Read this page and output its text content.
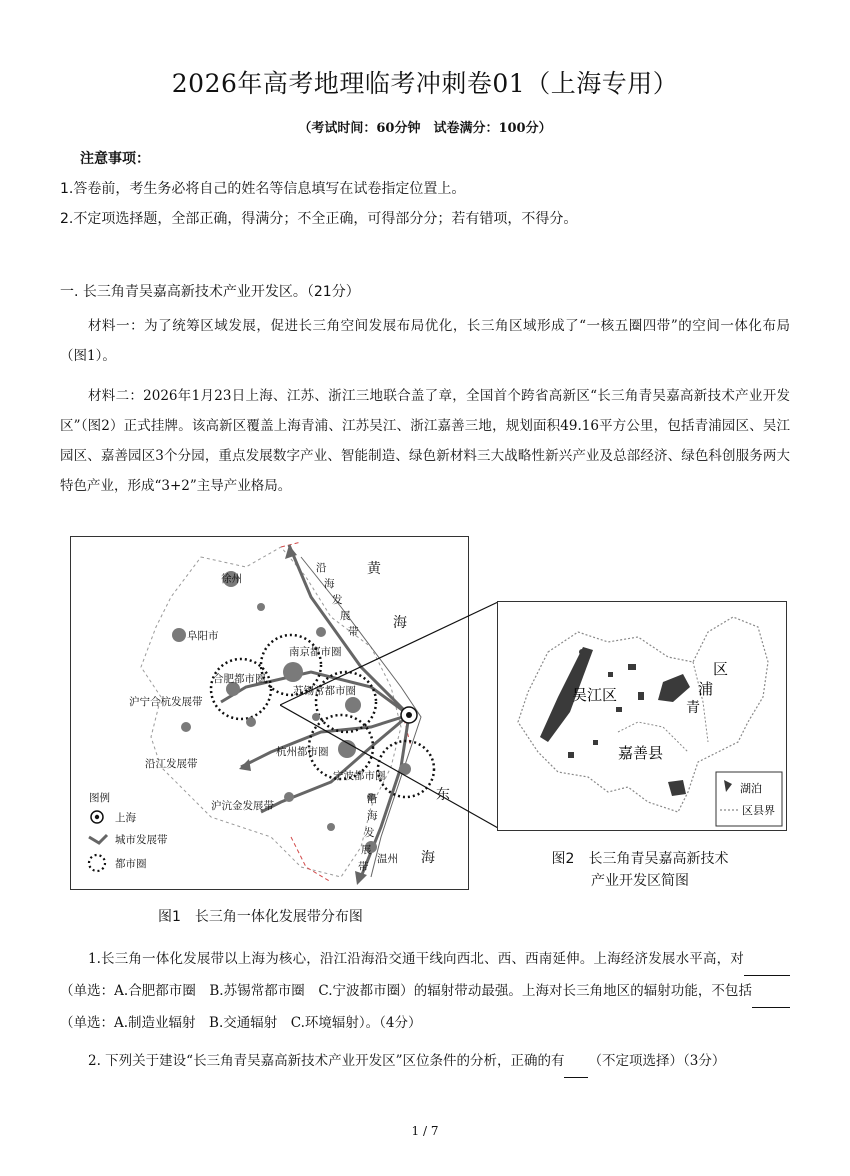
2026年高考地理临考冲刺卷01（上海专用）
（考试时间：60分钟　试卷满分：100分）
注意事项：
1.答卷前，考生务必将自己的姓名等信息填写在试卷指定位置上。
2.不定项选择题，全部正确，得满分；不全正确，可得部分分；若有错项，不得分。
一. 长三角青吴嘉高新技术产业开发区。（21分）
材料一：为了统筹区域发展，促进长三角空间发展布局优化，长三角区域形成了“一核五圈四带”的空间一体化布局（图1）。
材料二：2026年1月23日上海、江苏、浙江三地联合盖了章，全国首个跨省高新区“长三角青吴嘉高新技术产业开发区”（图2）正式挂牌。该高新区覆盖上海青浦、江苏吴江、浙江嘉善三地，规划面积49.16平方公里，包括青浦园区、吴江园区、嘉善园区3个分园，重点发展数字产业、智能制造、绿色新材料三大战略性新兴产业及总部经济、绿色科创服务两大特色产业，形成“3+2”主导产业格局。
黄
海
东
海
徐州
阜阳市
南京都市圈
合肥都市圈
苏锡常都市圈
杭州都市圈
宁波都市圈
温州
沪宁合杭发展带
沿江发展带
沪沆金发展带
沿
海
发
展
带
沿
海
发
展
带
图例
上海
城市发展带
都市圈
图1　长三角一体化发展带分布图
吴江区
区
浦
青
嘉善县
湖泊
区县界
图2　长三角青吴嘉高新技术
产业开发区简图
1.长三角一体化发展带以上海为核心，沿江沿海沿交通干线向西北、西、西南延伸。上海经济发展水平高，对 （单选：A.合肥都市圈　B.苏锡常都市圈　C.宁波都市圈）的辐射带动最强。上海对长三角地区的辐射功能，不包括 （单选：A.制造业辐射　B.交通辐射　C.环境辐射）。（4分）
2. 下列关于建设“长三角青吴嘉高新技术产业开发区”区位条件的分析，正确的有 （不定项选择）（3分）
1 / 7
